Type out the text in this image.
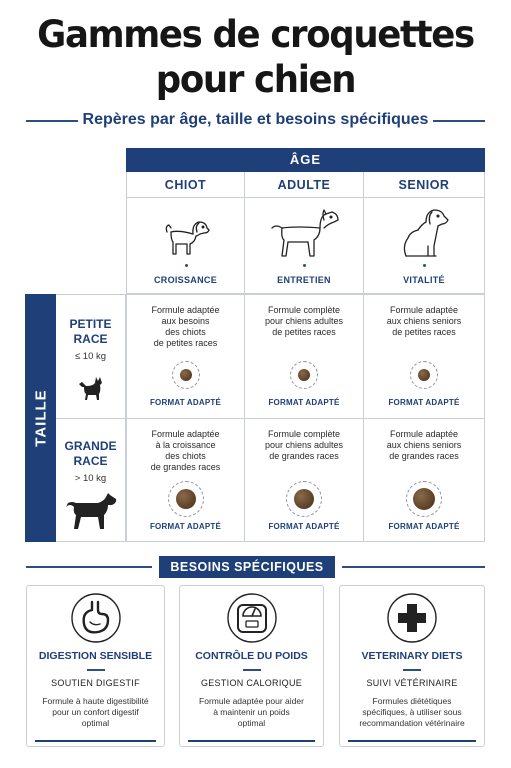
Gammes de croquettes
pour chien
Repères par âge, taille et besoins spécifiques
ÂGE
CHIOT	ADULTE	SENIOR
CROISSANCE	ENTRETIEN	VITALITÉ
TAILLE
PETITE
RACE
≤ 10 kg
Formule adaptée
aux besoins
des chiots
de petites races
FORMAT ADAPTÉ
Formule complète
pour chiens adultes
de petites races
FORMAT ADAPTÉ
Formule adaptée
aux chiens seniors
de petites races
FORMAT ADAPTÉ
GRANDE
RACE
> 10 kg
Formule adaptée
à la croissance
des chiots
de grandes races
FORMAT ADAPTÉ
Formule complète
pour chiens adultes
de grandes races
FORMAT ADAPTÉ
Formule adaptée
aux chiens seniors
de grandes races
FORMAT ADAPTÉ
BESOINS SPÉCIFIQUES
DIGESTION SENSIBLE
SOUTIEN DIGESTIF
Formule à haute digestibilité
pour un confort digestif
optimal
CONTRÔLE DU POIDS
GESTION CALORIQUE
Formule adaptée pour aider
à maintenir un poids
optimal
VETERINARY DIETS
SUIVI VÉTÉRINAIRE
Formules diététiques
spécifiques, à utiliser sous
recommandation vétérinaire
